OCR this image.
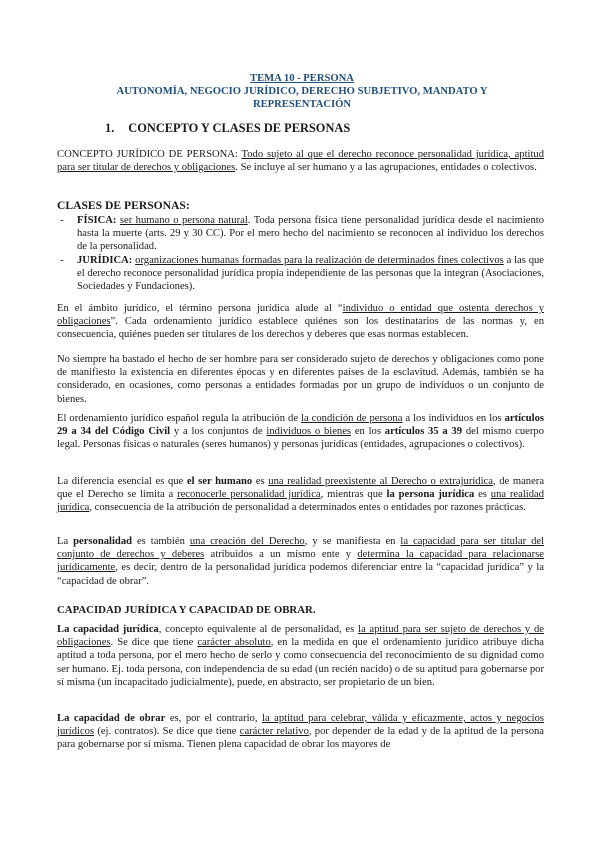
TEMA 10 - PERSONA
AUTONOMÍA, NEGOCIO JURÍDICO, DERECHO SUBJETIVO, MANDATO Y
REPRESENTACIÓN
1. CONCEPTO Y CLASES DE PERSONAS

CONCEPTO JURÍDICO DE PERSONA: Todo sujeto al que el derecho reconoce personalidad jurídica, aptitud para ser titular de derechos y obligaciones. Se incluye al ser humano y a las agrupaciones, entidades o colectivos.

CLASES DE PERSONAS:
- FÍSICA: ser humano o persona natural. Toda persona física tiene personalidad jurídica desde el nacimiento hasta la muerte (arts. 29 y 30 CC). Por el mero hecho del nacimiento se reconocen al individuo los derechos de la personalidad.
- JURÍDICA: organizaciones humanas formadas para la realización de determinados fines colectivos a las que el derecho reconoce personalidad jurídica propia independiente de las personas que la integran (Asociaciones, Sociedades y Fundaciones).

En el ámbito jurídico, el término persona jurídica alude al “individuo o entidad que ostenta derechos y obligaciones”. Cada ordenamiento jurídico establece quiénes son los destinatarios de las normas y, en consecuencia, quiénes pueden ser titulares de los derechos y deberes que esas normas establecen.

No siempre ha bastado el hecho de ser hombre para ser considerado sujeto de derechos y obligaciones como pone de manifiesto la existencia en diferentes épocas y en diferentes países de la esclavitud. Además, también se ha considerado, en ocasiones, como personas a entidades formadas por un grupo de individuos o un conjunto de bienes.

El ordenamiento jurídico español regula la atribución de la condición de persona a los individuos en los artículos 29 a 34 del Código Civil y a los conjuntos de individuos o bienes en los artículos 35 a 39 del mismo cuerpo legal. Personas físicas o naturales (seres humanos) y personas jurídicas (entidades, agrupaciones o colectivos).

La diferencia esencial es que el ser humano es una realidad preexistente al Derecho o extrajurídica, de manera que el Derecho se limita a reconocerle personalidad jurídica, mientras que la persona jurídica es una realidad jurídica, consecuencia de la atribución de personalidad a determinados entes o entidades por razones prácticas.

La personalidad es también una creación del Derecho, y se manifiesta en la capacidad para ser titular del conjunto de derechos y deberes atribuidos a un mismo ente y determina la capacidad para relacionarse jurídicamente, es decir, dentro de la personalidad jurídica podemos diferenciar entre la “capacidad jurídica” y la “capacidad de obrar”.

CAPACIDAD JURÍDICA Y CAPACIDAD DE OBRAR.

La capacidad jurídica, concepto equivalente al de personalidad, es la aptitud para ser sujeto de derechos y de obligaciones. Se dice que tiene carácter absoluto, en la medida en que el ordenamiento jurídico atribuye dicha aptitud a toda persona, por el mero hecho de serlo y como consecuencia del reconocimiento de su dignidad como ser humano. Ej. toda persona, con independencia de su edad (un recién nacido) o de su aptitud para gobernarse por sí misma (un incapacitado judicialmente), puede, en abstracto, ser propietario de un bien.

La capacidad de obrar es, por el contrario, la aptitud para celebrar, válida y eficazmente, actos y negocios jurídicos (ej. contratos). Se dice que tiene carácter relativo, por depender de la edad y de la aptitud de la persona para gobernarse por sí misma. Tienen plena capacidad de obrar los mayores de
